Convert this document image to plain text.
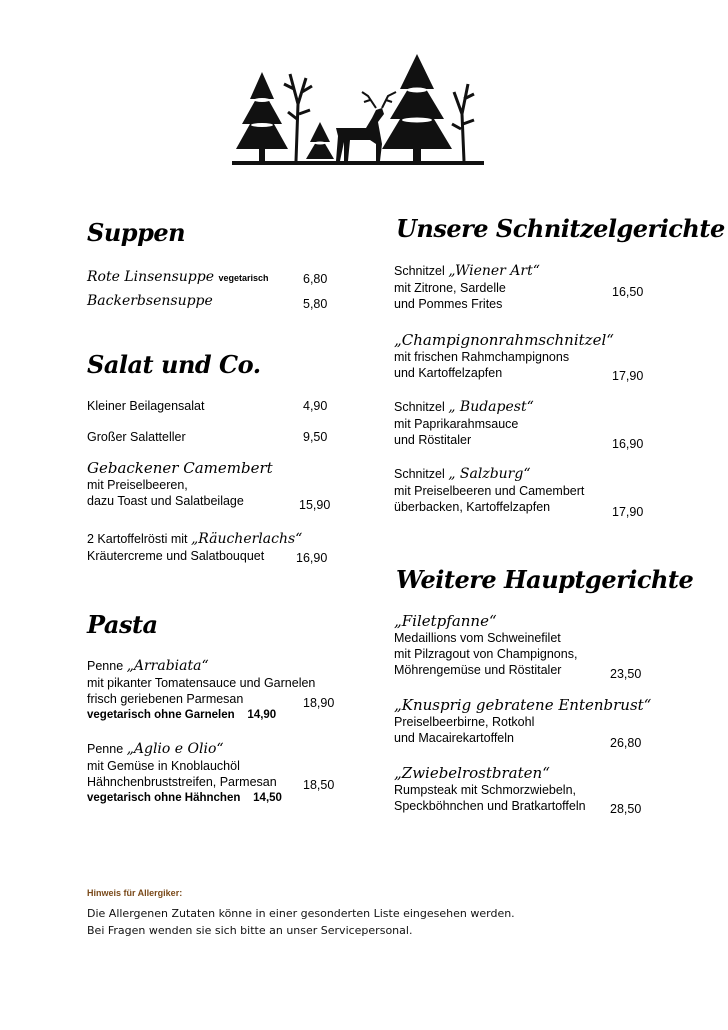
Suppen
Rote Linsensuppe vegetarisch	6,80
Backerbsensuppe	5,80
Salat und Co.
Kleiner Beilagensalat	4,90
Großer Salatteller	9,50
Gebackener Camembert
mit Preiselbeeren,
dazu Toast und Salatbeilage	15,90
2 Kartoffelrösti mit „Räucherlachs“
Kräutercreme und Salatbouquet	16,90
Pasta
Penne „Arrabiata“
mit pikanter Tomatensauce und Garnelen
frisch geriebenen Parmesan
vegetarisch ohne Garnelen 14,90
18,90
Penne „Aglio e Olio“
mit Gemüse in Knoblauchöl
Hähnchenbruststreifen, Parmesan
vegetarisch ohne Hähnchen 14,50
18,50
Unsere Schnitzelgerichte
Schnitzel „Wiener Art“
mit Zitrone, Sardelle
und Pommes Frites
16,50
„Champignonrahmschnitzel“
mit frischen Rahmchampignons
und Kartoffelzapfen	17,90
Schnitzel „ Budapest“
mit Paprikarahmsauce
und Röstitaler	16,90
Schnitzel „ Salzburg“
mit Preiselbeeren und Camembert
überbacken, Kartoffelzapfen	17,90
Weitere Hauptgerichte
„Filetpfanne“
Medaillions vom Schweinefilet
mit Pilzragout von Champignons,
Möhrengemüse und Röstitaler	23,50
„Knusprig gebratene Entenbrust“
Preiselbeerbirne, Rotkohl
und Macairekartoffeln	26,80
„Zwiebelrostbraten“
Rumpsteak mit Schmorzwiebeln,
Speckböhnchen und Bratkartoffeln 28,50
Hinweis für Allergiker:
Die Allergenen Zutaten könne in einer gesonderten Liste eingesehen werden.
Bei Fragen wenden sie sich bitte an unser Servicepersonal.
